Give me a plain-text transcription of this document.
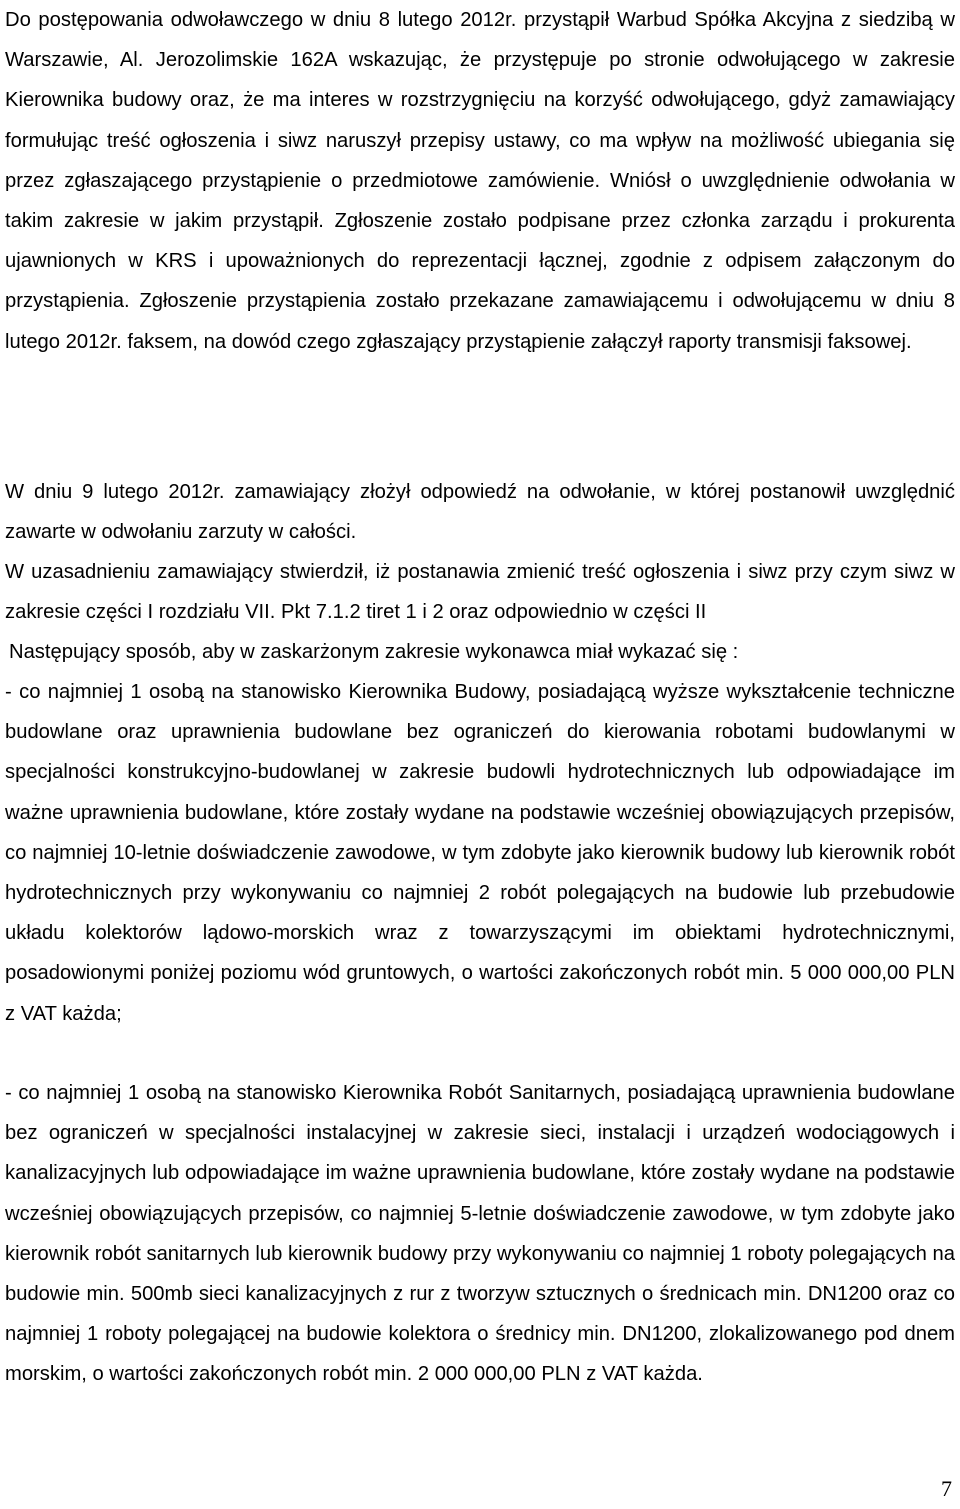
Do postępowania odwoławczego w dniu 8 lutego 2012r. przystąpił Warbud Spółka Akcyjna z siedzibą w Warszawie, Al. Jerozolimskie 162A wskazując, że przystępuje po stronie odwołującego w zakresie Kierownika budowy oraz, że ma interes w rozstrzygnięciu na korzyść odwołującego, gdyż zamawiający formułując treść ogłoszenia i siwz naruszył przepisy ustawy, co ma wpływ na możliwość ubiegania się przez zgłaszającego przystąpienie o przedmiotowe zamówienie. Wniósł o uwzględnienie odwołania w takim zakresie w jakim przystąpił. Zgłoszenie zostało podpisane przez członka zarządu i prokurenta ujawnionych w KRS i upoważnionych do reprezentacji łącznej, zgodnie z odpisem załączonym do przystąpienia. Zgłoszenie przystąpienia zostało przekazane zamawiającemu i odwołującemu w dniu 8 lutego 2012r. faksem, na dowód czego zgłaszający przystąpienie załączył raporty transmisji faksowej.

W dniu 9 lutego 2012r. zamawiający złożył odpowiedź na odwołanie, w której postanowił uwzględnić zawarte w odwołaniu zarzuty w całości.

W uzasadnieniu zamawiający stwierdził, iż postanawia zmienić treść ogłoszenia i siwz przy czym siwz w zakresie części I rozdziału VII. Pkt 7.1.2 tiret 1 i 2 oraz odpowiednio w części II

Następujący sposób, aby w zaskarżonym zakresie wykonawca miał wykazać się :

- co najmniej 1 osobą na stanowisko Kierownika Budowy, posiadającą wyższe wykształcenie techniczne budowlane oraz uprawnienia budowlane bez ograniczeń do kierowania robotami budowlanymi w specjalności konstrukcyjno-budowlanej w zakresie budowli hydrotechnicznych lub odpowiadające im ważne uprawnienia budowlane, które zostały wydane na podstawie wcześniej obowiązujących przepisów, co najmniej 10-letnie doświadczenie zawodowe, w tym zdobyte jako kierownik budowy lub kierownik robót hydrotechnicznych przy wykonywaniu co najmniej 2 robót polegających na budowie lub przebudowie układu kolektorów lądowo-morskich wraz z towarzyszącymi im obiektami hydrotechnicznymi, posadowionymi poniżej poziomu wód gruntowych, o wartości zakończonych robót min. 5 000 000,00 PLN z VAT każda;

- co najmniej 1 osobą na stanowisko Kierownika Robót Sanitarnych, posiadającą uprawnienia budowlane bez ograniczeń w specjalności instalacyjnej w zakresie sieci, instalacji i urządzeń wodociągowych i kanalizacyjnych lub odpowiadające im ważne uprawnienia budowlane, które zostały wydane na podstawie wcześniej obowiązujących przepisów, co najmniej 5-letnie doświadczenie zawodowe, w tym zdobyte jako kierownik robót sanitarnych lub kierownik budowy przy wykonywaniu co najmniej 1 roboty polegających na budowie min. 500mb sieci kanalizacyjnych z rur z tworzyw sztucznych o średnicach min. DN1200 oraz co najmniej 1 roboty polegającej na budowie kolektora o średnicy min. DN1200, zlokalizowanego pod dnem morskim, o wartości zakończonych robót min. 2 000 000,00 PLN z VAT każda.

7
